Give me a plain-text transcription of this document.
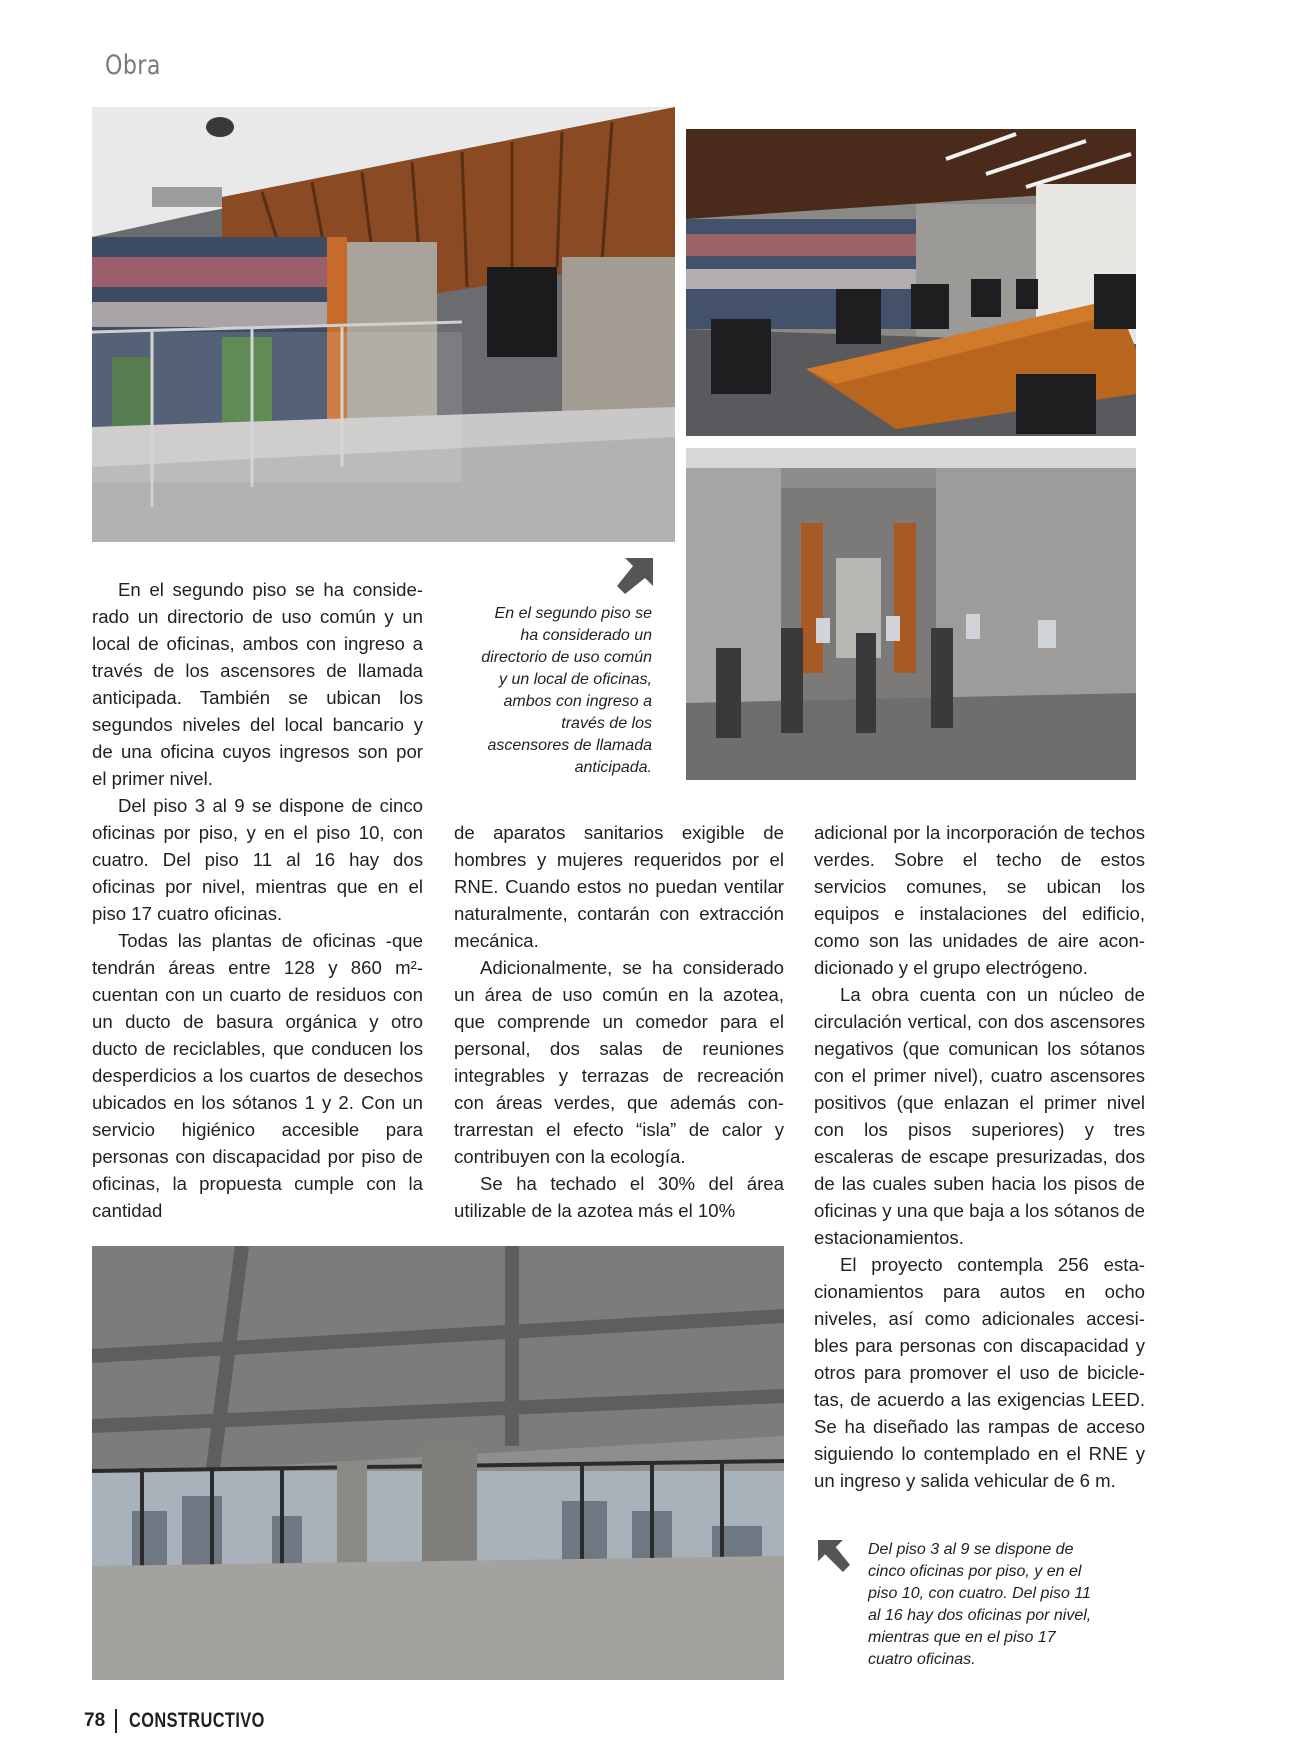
Obra
En el segundo piso se ha considerado un directorio de uso común y un local de oficinas, ambos con ingreso a través de los ascensores de llamada anticipada.
Del piso 3 al 9 se dispone de cinco oficinas por piso, y en el piso 10, con cuatro. Del piso 11 al 16 hay dos oficinas por nivel, mientras que en el piso 17 cuatro oficinas.

En el segundo piso se ha considerado un directorio de uso común y un local de oficinas, ambos con ingreso a través de los ascensores de llamada anticipada. También se ubican los segundos niveles del local bancario y de una oficina cuyos ingresos son por el primer nivel.

Del piso 3 al 9 se dispone de cinco oficinas por piso, y en el piso 10, con cuatro. Del piso 11 al 16 hay dos oficinas por nivel, mientras que en el piso 17 cuatro oficinas.

Todas las plantas de oficinas -que tendrán áreas entre 128 y 860 m²- cuentan con un cuarto de residuos con un ducto de basura orgánica y otro ducto de reciclables, que conducen los desperdicios a los cuartos de desechos ubicados en los sótanos 1 y 2. Con un servicio higiénico accesible para personas con discapacidad por piso de oficinas, la propuesta cumple con la cantidad

de aparatos sanitarios exigible de hombres y mujeres requeridos por el RNE. Cuando estos no puedan ventilar naturalmente, contarán con extracción mecánica.

Adicionalmente, se ha considerado un área de uso común en la azotea, que comprende un comedor para el personal, dos salas de reuniones integrables y terrazas de recreación con áreas verdes, que además contrarrestan el efecto “isla” de calor y contribuyen con la ecología.

Se ha techado el 30% del área utilizable de la azotea más el 10%

adicional por la incorporación de techos verdes. Sobre el techo de estos servicios comunes, se ubican los equipos e instalaciones del edificio, como son las unidades de aire acondicionado y el grupo electrógeno.

La obra cuenta con un núcleo de circulación vertical, con dos ascensores negativos (que comunican los sótanos con el primer nivel), cuatro ascensores positivos (que enlazan el primer nivel con los pisos superiores) y tres escaleras de escape presurizadas, dos de las cuales suben hacia los pisos de oficinas y una que baja a los sótanos de estacionamientos.

El proyecto contempla 256 estacionamientos para autos en ocho niveles, así como adicionales accesibles para personas con discapacidad y otros para promover el uso de bicicletas, de acuerdo a las exigencias LEED. Se ha diseñado las rampas de acceso siguiendo lo contemplado en el RNE y un ingreso y salida vehicular de 6 m.

78 CONSTRUCTIVO
